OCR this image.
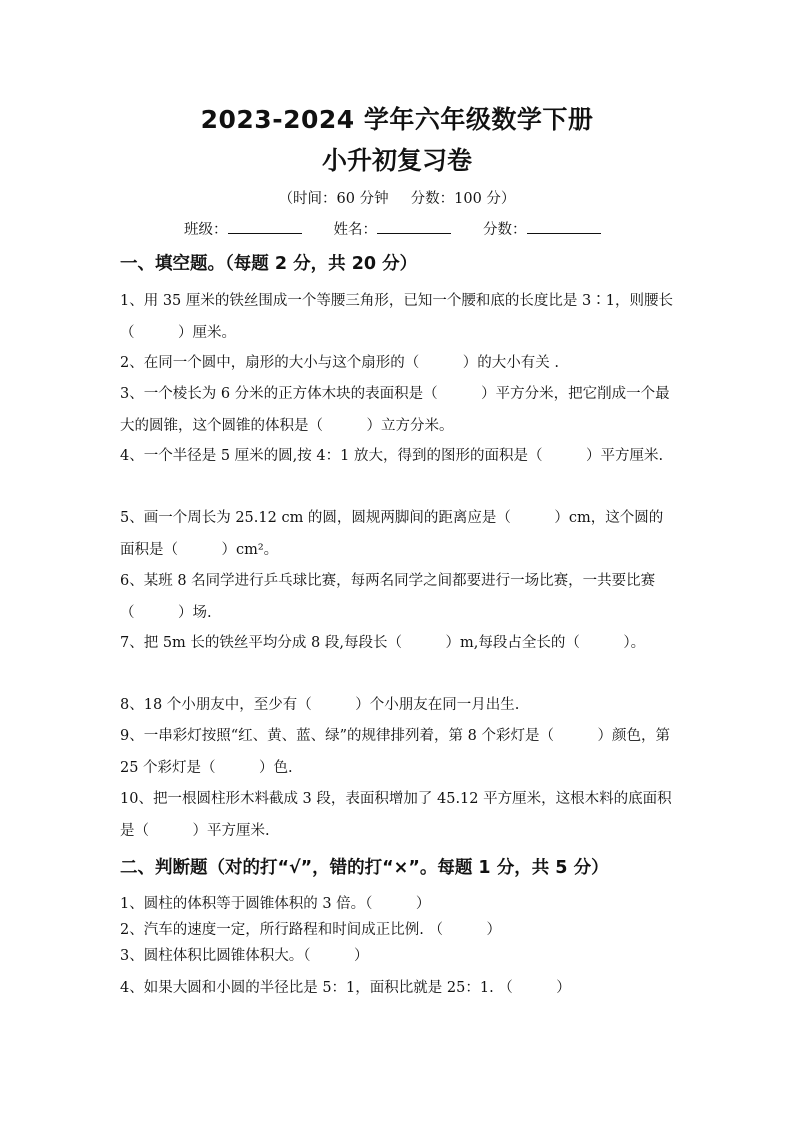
2023-2024 学年六年级数学下册
小升初复习卷
（时间：60 分钟 分数：100 分）
班级：	姓名：	分数：
一、填空题。（每题 2 分，共 20 分）
1、用 35 厘米的铁丝围成一个等腰三角形，已知一个腰和底的长度比是 3∶1，则腰长（　　　）厘米。
2、在同一个圆中，扇形的大小与这个扇形的（　　　）的大小有关 .
3、一个棱长为 6 分米的正方体木块的表面积是（　　　）平方分米，把它削成一个最大的圆锥，这个圆锥的体积是（　　　）立方分米。
4、一个半径是 5 厘米的圆,按 4：1 放大，得到的图形的面积是（　　　）平方厘米.
5、画一个周长为 25.12 cm 的圆，圆规两脚间的距离应是（　　　）cm，这个圆的面积是（　　　）cm²。
6、某班 8 名同学进行乒乓球比赛，每两名同学之间都要进行一场比赛，一共要比赛（　　　）场.
7、把 5m 长的铁丝平均分成 8 段,每段长（　　　）m,每段占全长的（　　　）。
8、18 个小朋友中，至少有（　　　）个小朋友在同一月出生.
9、一串彩灯按照“红、黄、蓝、绿”的规律排列着，第 8 个彩灯是（　　　）颜色，第 25 个彩灯是（　　　）色.
10、把一根圆柱形木料截成 3 段，表面积增加了 45.12 平方厘米，这根木料的底面积是（　　　）平方厘米.
二、判断题（对的打“√”，错的打“×”。每题 1 分，共 5 分）
1、圆柱的体积等于圆锥体积的 3 倍。（　　　）
2、汽车的速度一定，所行路程和时间成正比例. （　　　）
3、圆柱体积比圆锥体积大。（　　　）
4、如果大圆和小圆的半径比是 5：1，面积比就是 25：1. （　　　）
